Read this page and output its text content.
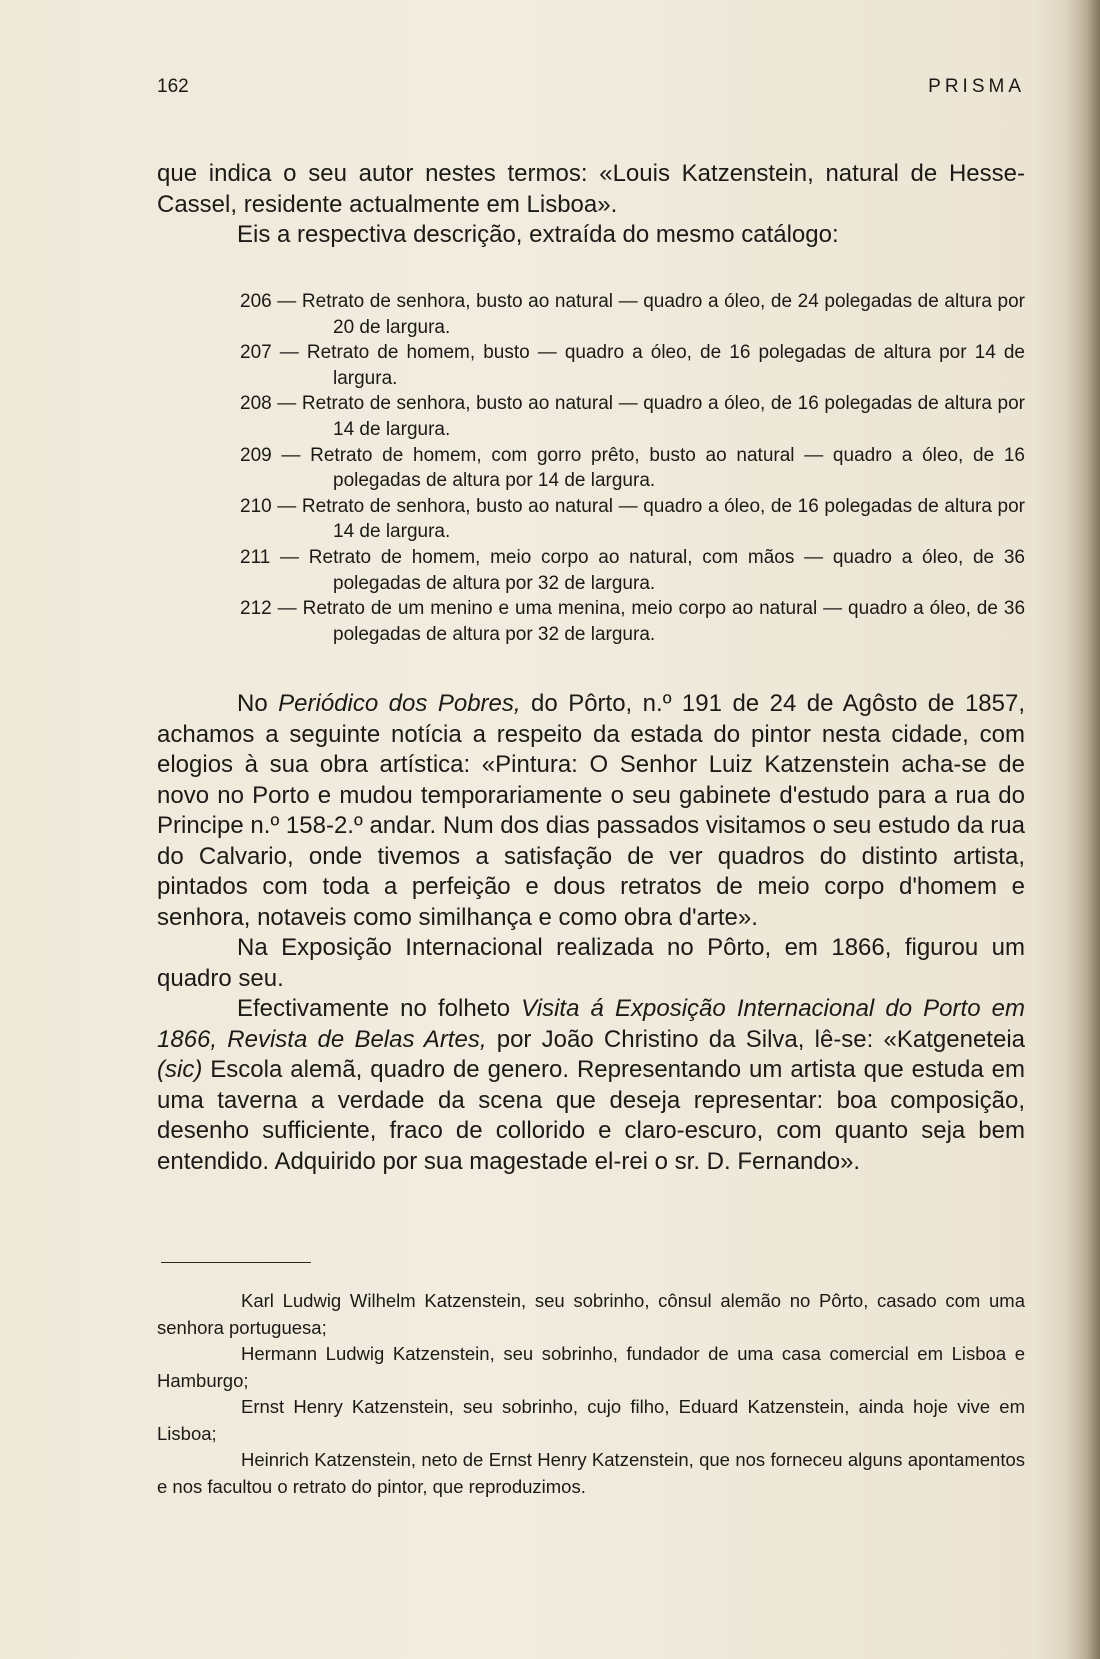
162	PRISMA

que indica o seu autor nestes termos: «Louis Katzenstein, natural de Hesse-Cassel, residente actualmente em Lisboa».

Eis a respectiva descrição, extraída do mesmo catálogo:

206 — Retrato de senhora, busto ao natural — quadro a óleo, de 24 polegadas de altura por 20 de largura.
207 — Retrato de homem, busto — quadro a óleo, de 16 polegadas de altura por 14 de largura.
208 — Retrato de senhora, busto ao natural — quadro a óleo, de 16 polegadas de altura por 14 de largura.
209 — Retrato de homem, com gorro prêto, busto ao natural — quadro a óleo, de 16 polegadas de altura por 14 de largura.
210 — Retrato de senhora, busto ao natural — quadro a óleo, de 16 polegadas de altura por 14 de largura.
211 — Retrato de homem, meio corpo ao natural, com mãos — quadro a óleo, de 36 polegadas de altura por 32 de largura.
212 — Retrato de um menino e uma menina, meio corpo ao natural — quadro a óleo, de 36 polegadas de altura por 32 de largura.

No Periódico dos Pobres, do Pôrto, n.º 191 de 24 de Agôsto de 1857, achamos a seguinte notícia a respeito da estada do pintor nesta cidade, com elogios à sua obra artística: «Pintura: O Senhor Luiz Katzenstein acha-se de novo no Porto e mudou temporariamente o seu gabinete d'estudo para a rua do Principe n.º 158-2.º andar. Num dos dias passados visitamos o seu estudo da rua do Calvario, onde tivemos a satisfação de ver quadros do distinto artista, pintados com toda a perfeição e dous retratos de meio corpo d'homem e senhora, notaveis como similhança e como obra d'arte».

Na Exposição Internacional realizada no Pôrto, em 1866, figurou um quadro seu.

Efectivamente no folheto Visita á Exposição Internacional do Porto em 1866, Revista de Belas Artes, por João Christino da Silva, lê-se: «Katgeneteia (sic) Escola alemã, quadro de genero. Representando um artista que estuda em uma taverna a verdade da scena que deseja representar: boa composição, desenho sufficiente, fraco de collorido e claro-escuro, com quanto seja bem entendido. Adquirido por sua magestade el-rei o sr. D. Fernando».

Karl Ludwig Wilhelm Katzenstein, seu sobrinho, cônsul alemão no Pôrto, casado com uma senhora portuguesa;

Hermann Ludwig Katzenstein, seu sobrinho, fundador de uma casa comercial em Lisboa e Hamburgo;

Ernst Henry Katzenstein, seu sobrinho, cujo filho, Eduard Katzenstein, ainda hoje vive em Lisboa;

Heinrich Katzenstein, neto de Ernst Henry Katzenstein, que nos forneceu alguns apontamentos e nos facultou o retrato do pintor, que reproduzimos.
